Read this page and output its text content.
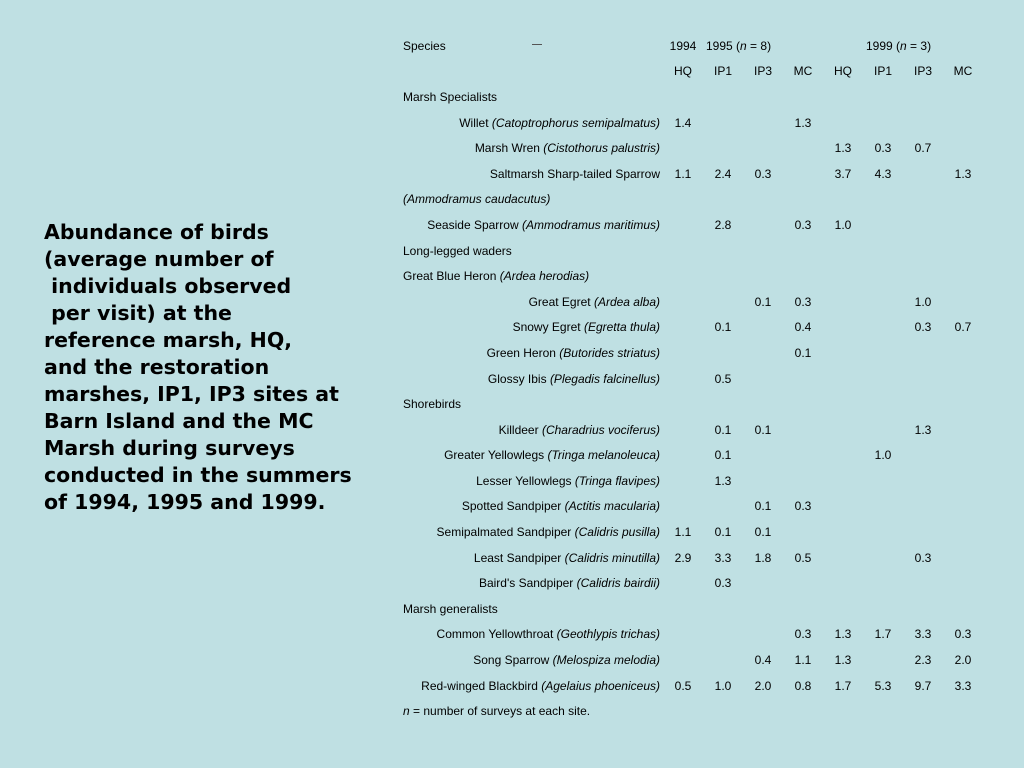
Abundance of birds
(average number of
individuals observed
per visit) at the
reference marsh, HQ,
and the restoration
marshes, IP1, IP3 sites at
Barn Island and the MC
Marsh during surveys
conducted in the summers
of 1994, 1995 and 1999.
Species	1994	1995 (n = 8)				1999 (n = 3)			
	HQ	IP1	IP3	MC	HQ	IP1	IP3	MC	
Marsh Specialists									
Willet (Catoptrophorus semipalmatus)	1.4			1.3					
Marsh Wren (Cistothorus palustris)					1.3	0.3	0.7		
Saltmarsh Sharp-tailed Sparrow	1.1	2.4	0.3		3.7	4.3		1.3	
(Ammodramus caudacutus)									
Seaside Sparrow (Ammodramus maritimus)		2.8		0.3	1.0				
Long-legged waders									
Great Blue Heron (Ardea herodias)									
Great Egret (Ardea alba)			0.1	0.3			1.0		
Snowy Egret (Egretta thula)		0.1		0.4			0.3	0.7	
Green Heron (Butorides striatus)				0.1					
Glossy Ibis (Plegadis falcinellus)		0.5							
Shorebirds									
Killdeer (Charadrius vociferus)		0.1	0.1				1.3		
Greater Yellowlegs (Tringa melanoleuca)		0.1				1.0			
Lesser Yellowlegs (Tringa flavipes)		1.3							
Spotted Sandpiper (Actitis macularia)			0.1	0.3					
Semipalmated Sandpiper (Calidris pusilla)	1.1	0.1	0.1						
Least Sandpiper (Calidris minutilla)	2.9	3.3	1.8	0.5			0.3		
Baird's Sandpiper (Calidris bairdii)		0.3							
Marsh generalists									
Common Yellowthroat (Geothlypis trichas)				0.3	1.3	1.7	3.3	0.3	
Song Sparrow (Melospiza melodia)			0.4	1.1	1.3		2.3	2.0	
Red-winged Blackbird (Agelaius phoeniceus)	0.5	1.0	2.0	0.8	1.7	5.3	9.7	3.3	
n = number of surveys at each site.									
